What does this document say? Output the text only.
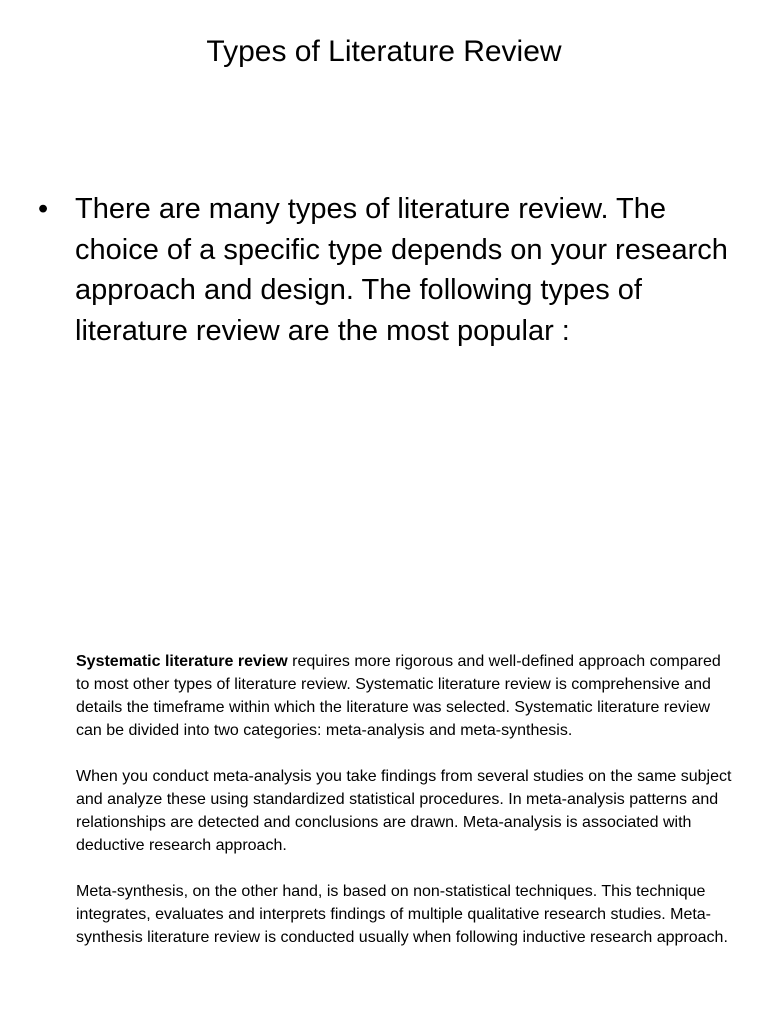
Types of Literature Review
• There are many types of literature review. The choice of a specific type depends on your research approach and design. The following types of literature review are the most popular :

Systematic literature review requires more rigorous and well-defined approach compared to most other types of literature review. Systematic literature review is comprehensive and details the timeframe within which the literature was selected. Systematic literature review can be divided into two categories: meta-analysis and meta-synthesis.

When you conduct meta-analysis you take findings from several studies on the same subject and analyze these using standardized statistical procedures. In meta-analysis patterns and relationships are detected and conclusions are drawn. Meta-analysis is associated with deductive research approach.

Meta-synthesis, on the other hand, is based on non-statistical techniques. This technique integrates, evaluates and interprets findings of multiple qualitative research studies. Meta-synthesis literature review is conducted usually when following inductive research approach.
